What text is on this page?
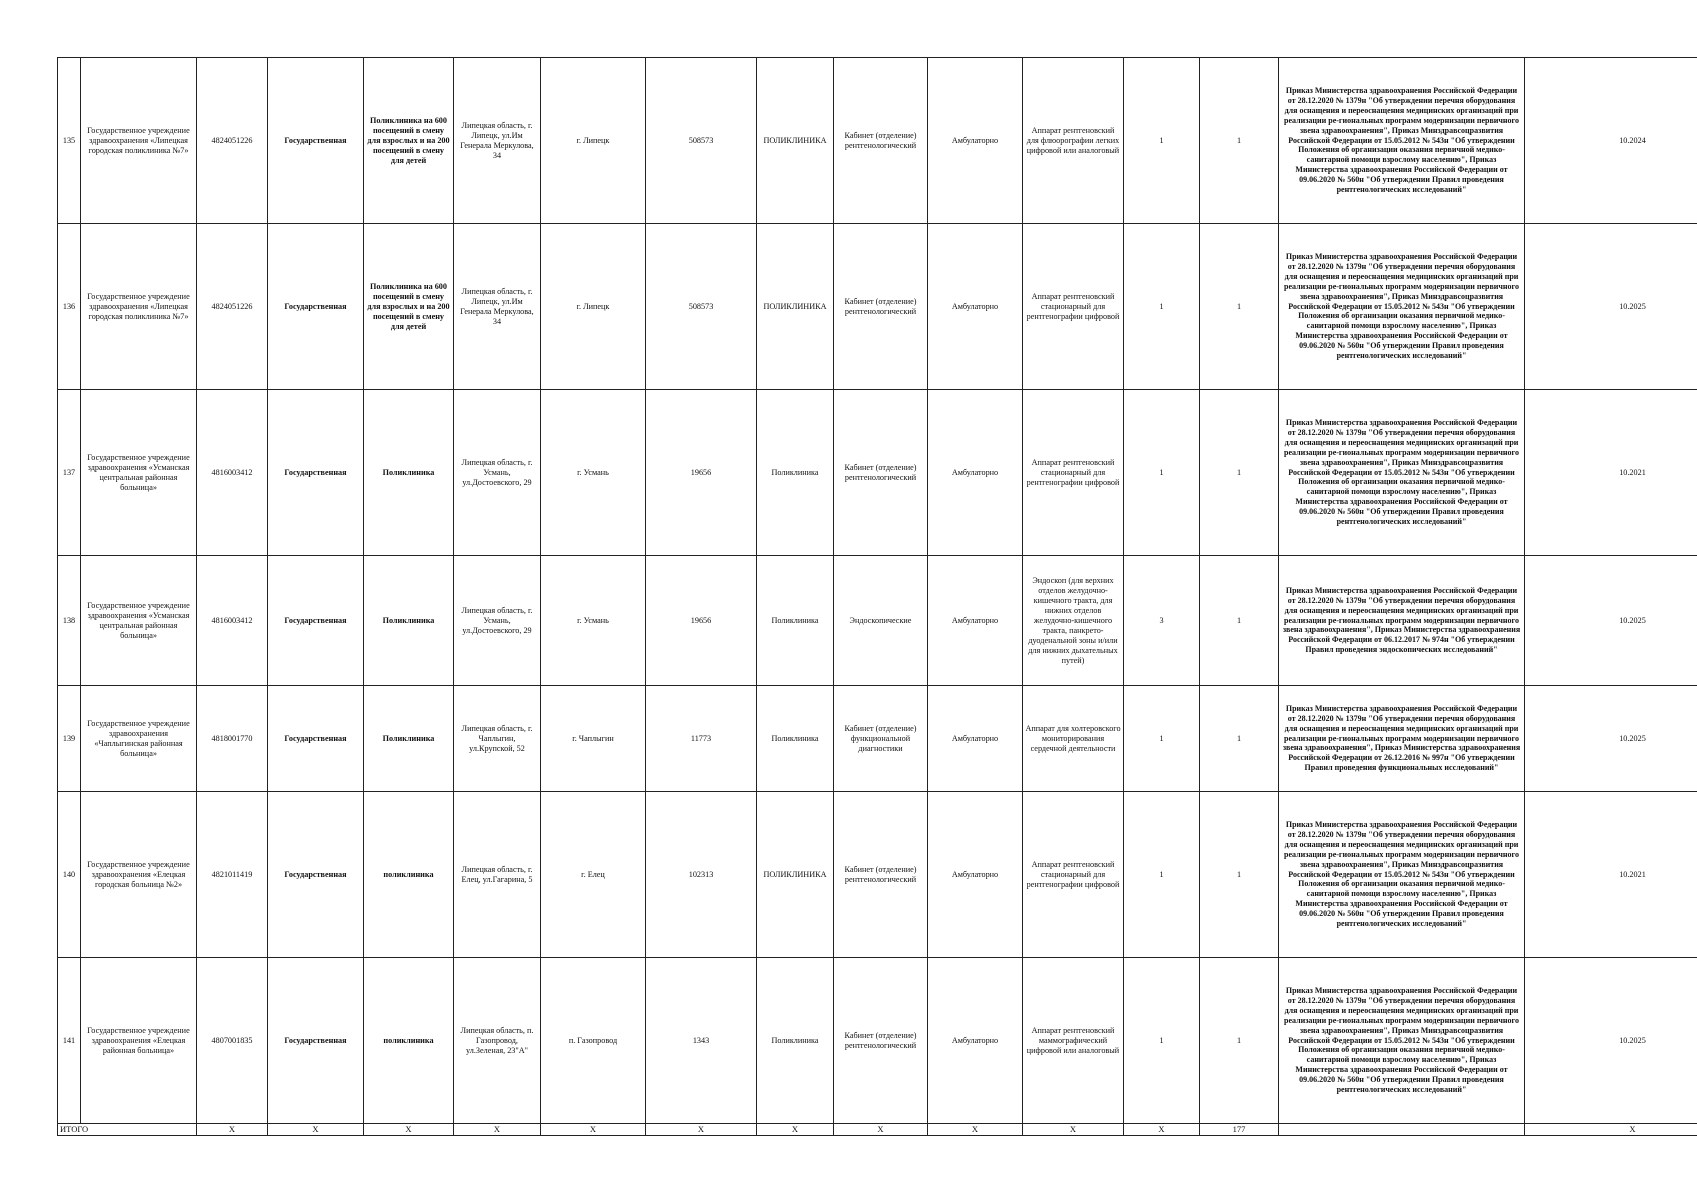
135	Государственное учреждение здравоохранения «Липецкая городская поликлиника №7»	4824051226	Государственная	Поликлиника на 600 посещений в смену для взрослых и на 200 посещений в смену для детей	Липецкая область, г. Липецк, ул.Им Генерала Меркулова, 34	г. Липецк	508573	ПОЛИКЛИНИКА	Кабинет (отделение) рентгенологический	Амбулаторно	Аппарат рентгеновский для флюорографии легких цифровой или аналоговый	1	1	Приказ Министерства здравоохранения Российской Федерации от 28.12.2020 № 1379н "Об утверждении перечня оборудования для оснащения и переоснащения медицинских организаций при реализации ре-гиональных программ модернизации первичного звена здравоохранения", Приказ Минздравсоцразвития Российской Федерации от 15.05.2012 № 543н "Об утверждении Положения об организации оказания первичной медико-санитарной помощи взрослому населению", Приказ Министерства здравоохранения Российской Федерации от 09.06.2020 № 560н "Об утверждении Правил проведения рентгенологических исследований"	10.2024
136	Государственное учреждение здравоохранения «Липецкая городская поликлиника №7»	4824051226	Государственная	Поликлиника на 600 посещений в смену для взрослых и на 200 посещений в смену для детей	Липецкая область, г. Липецк, ул.Им Генерала Меркулова, 34	г. Липецк	508573	ПОЛИКЛИНИКА	Кабинет (отделение) рентгенологический	Амбулаторно	Аппарат рентгеновский стационарный для рентгенографии цифровой	1	1	Приказ Министерства здравоохранения Российской Федерации от 28.12.2020 № 1379н "Об утверждении перечня оборудования для оснащения и переоснащения медицинских организаций при реализации ре-гиональных программ модернизации первичного звена здравоохранения", Приказ Минздравсоцразвития Российской Федерации от 15.05.2012 № 543н "Об утверждении Положения об организации оказания первичной медико-санитарной помощи взрослому населению", Приказ Министерства здравоохранения Российской Федерации от 09.06.2020 № 560н "Об утверждении Правил проведения рентгенологических исследований"	10.2025
137	Государственное учреждение здравоохранения «Усманская центральная районная больница»	4816003412	Государственная	Поликлиника	Липецкая область, г. Усмань, ул.Достоевского, 29	г. Усмань	19656	Поликлиника	Кабинет (отделение) рентгенологический	Амбулаторно	Аппарат рентгеновский стационарный для рентгенографии цифровой	1	1	Приказ Министерства здравоохранения Российской Федерации от 28.12.2020 № 1379н "Об утверждении перечня оборудования для оснащения и переоснащения медицинских организаций при реализации ре-гиональных программ модернизации первичного звена здравоохранения", Приказ Минздравсоцразвития Российской Федерации от 15.05.2012 № 543н "Об утверждении Положения об организации оказания первичной медико-санитарной помощи взрослому населению", Приказ Министерства здравоохранения Российской Федерации от 09.06.2020 № 560н "Об утверждении Правил проведения рентгенологических исследований"	10.2021
138	Государственное учреждение здравоохранения «Усманская центральная районная больница»	4816003412	Государственная	Поликлиника	Липецкая область, г. Усмань, ул.Достоевского, 29	г. Усмань	19656	Поликлиника	Эндоскопические	Амбулаторно	Эндоскоп (для верхних отделов желудочно-кишечного тракта, для нижних отделов желудочно-кишечного тракта, панкрето-дуоденальной зоны и/или для нижних дыхательных путей)	3	1	Приказ Министерства здравоохранения Российской Федерации от 28.12.2020 № 1379н "Об утверждении перечня оборудования для оснащения и переоснащения медицинских организаций при реализации ре-гиональных программ модернизации первичного звена здравоохранения", Приказ Министерства здравоохранения Российской Федерации от 06.12.2017 № 974н "Об утверждении Правил проведения эндоскопических исследований"	10.2025
139	Государственное учреждение здравоохранения «Чаплыгинская районная больница»	4818001770	Государственная	Поликлиника	Липецкая область, г. Чаплыгин, ул.Крупской, 52	г. Чаплыгин	11773	Поликлиника	Кабинет (отделение) функциональной диагностики	Амбулаторно	Аппарат для холтеровского мониторирования сердечной деятельности	1	1	Приказ Министерства здравоохранения Российской Федерации от 28.12.2020 № 1379н "Об утверждении перечня оборудования для оснащения и переоснащения медицинских организаций при реализации ре-гиональных программ модернизации первичного звена здравоохранения", Приказ Министерства здравоохранения Российской Федерации от 26.12.2016 № 997н "Об утверждении Правил проведения функциональных исследований"	10.2025
140	Государственное учреждение здравоохранения «Елецкая городская больница №2»	4821011419	Государственная	поликлиника	Липецкая область, г. Елец, ул.Гагарина, 5	г. Елец	102313	ПОЛИКЛИНИКА	Кабинет (отделение) рентгенологический	Амбулаторно	Аппарат рентгеновский стационарный для рентгенографии цифровой	1	1	Приказ Министерства здравоохранения Российской Федерации от 28.12.2020 № 1379н "Об утверждении перечня оборудования для оснащения и переоснащения медицинских организаций при реализации ре-гиональных программ модернизации первичного звена здравоохранения", Приказ Минздравсоцразвития Российской Федерации от 15.05.2012 № 543н "Об утверждении Положения об организации оказания первичной медико-санитарной помощи взрослому населению", Приказ Министерства здравоохранения Российской Федерации от 09.06.2020 № 560н "Об утверждении Правил проведения рентгенологических исследований"	10.2021
141	Государственное учреждение здравоохранения «Елецкая районная больница»	4807001835	Государственная	поликлиника	Липецкая область, п. Газопровод, ул.Зеленая, 23"А"	п. Газопровод	1343	Поликлиника	Кабинет (отделение) рентгенологический	Амбулаторно	Аппарат рентгеновский маммографический цифровой или аналоговый	1	1	Приказ Министерства здравоохранения Российской Федерации от 28.12.2020 № 1379н "Об утверждении перечня оборудования для оснащения и переоснащения медицинских организаций при реализации ре-гиональных программ модернизации первичного звена здравоохранения", Приказ Минздравсоцразвития Российской Федерации от 15.05.2012 № 543н "Об утверждении Положения об организации оказания первичной медико-санитарной помощи взрослому населению", Приказ Министерства здравоохранения Российской Федерации от 09.06.2020 № 560н "Об утверждении Правил проведения рентгенологических исследований"	10.2025
ИТОГО		X	X	X	X	X	X	X	X	X	X	X	177		X
